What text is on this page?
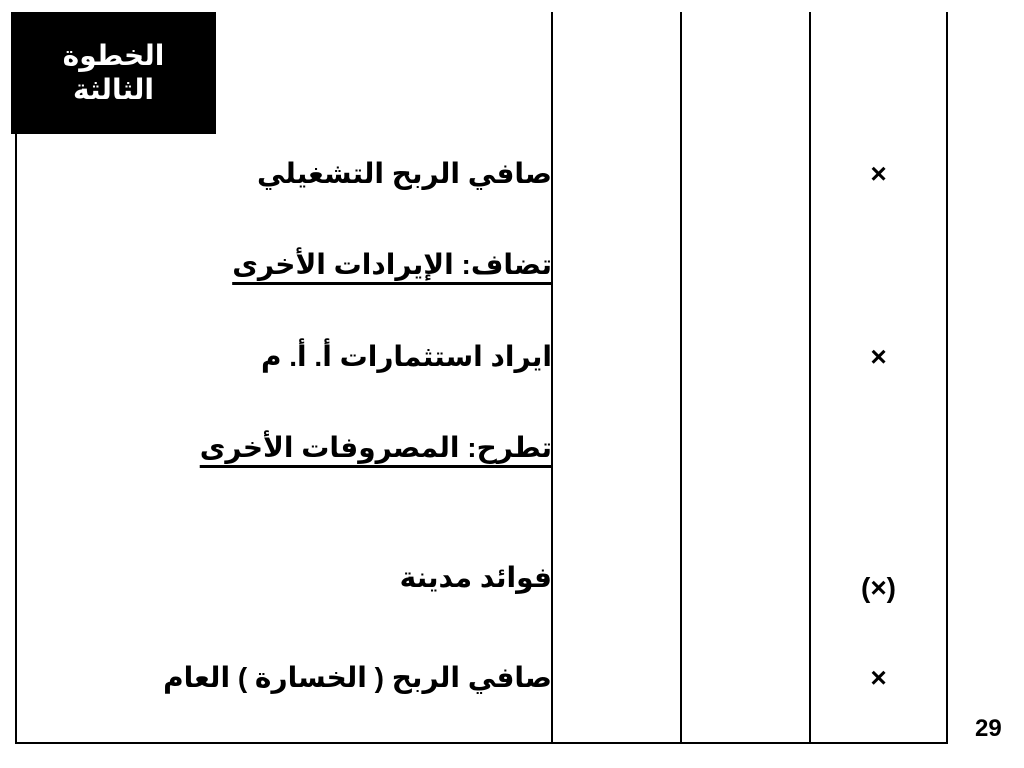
الخطوة
الثالثة
صافي الربح التشغيلي
تضاف: الإيرادات الأخرى
ايراد استثمارات أ. أ. م
تطرح: المصروفات الأخرى
فوائد مدينة
صافي الربح ( الخسارة ) العام
×
×
(×)
×
29
